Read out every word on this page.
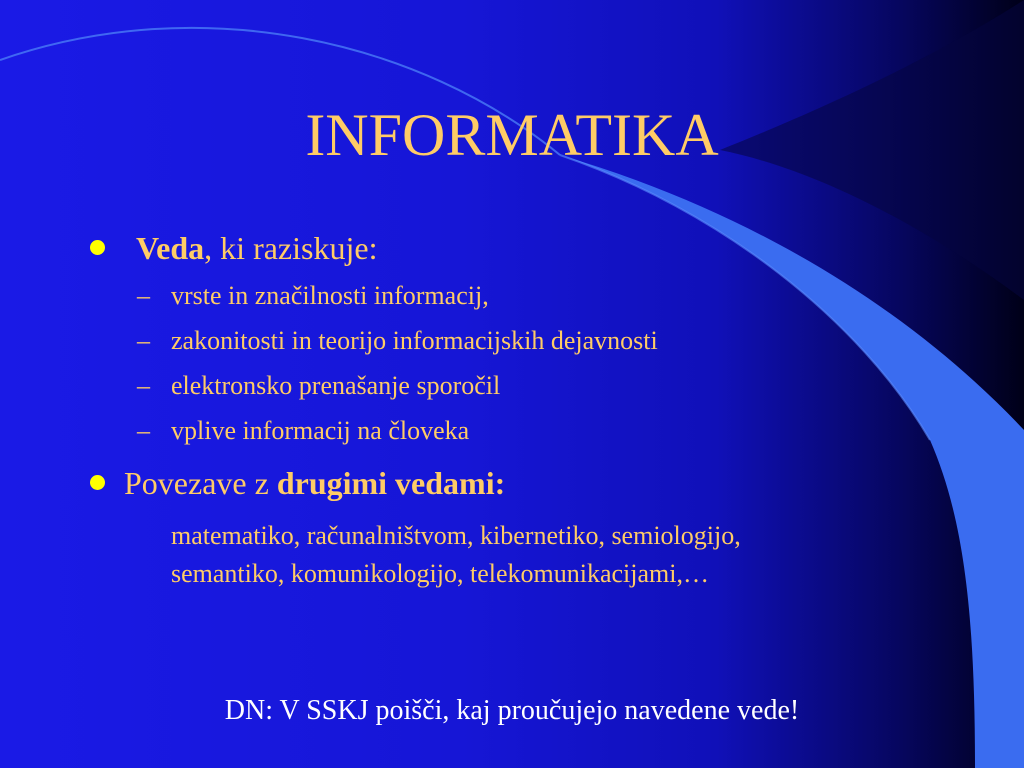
INFORMATIKA
Veda, ki raziskuje:
– vrste in značilnosti informacij,
– zakonitosti in teorijo informacijskih dejavnosti
– elektronsko prenašanje sporočil
– vplive informacij na človeka
Povezave z drugimi vedami:
matematiko, računalništvom, kibernetiko, semiologijo,
semantiko, komunikologijo, telekomunikacijami,…
DN: V SSKJ poišči, kaj proučujejo navedene vede!
